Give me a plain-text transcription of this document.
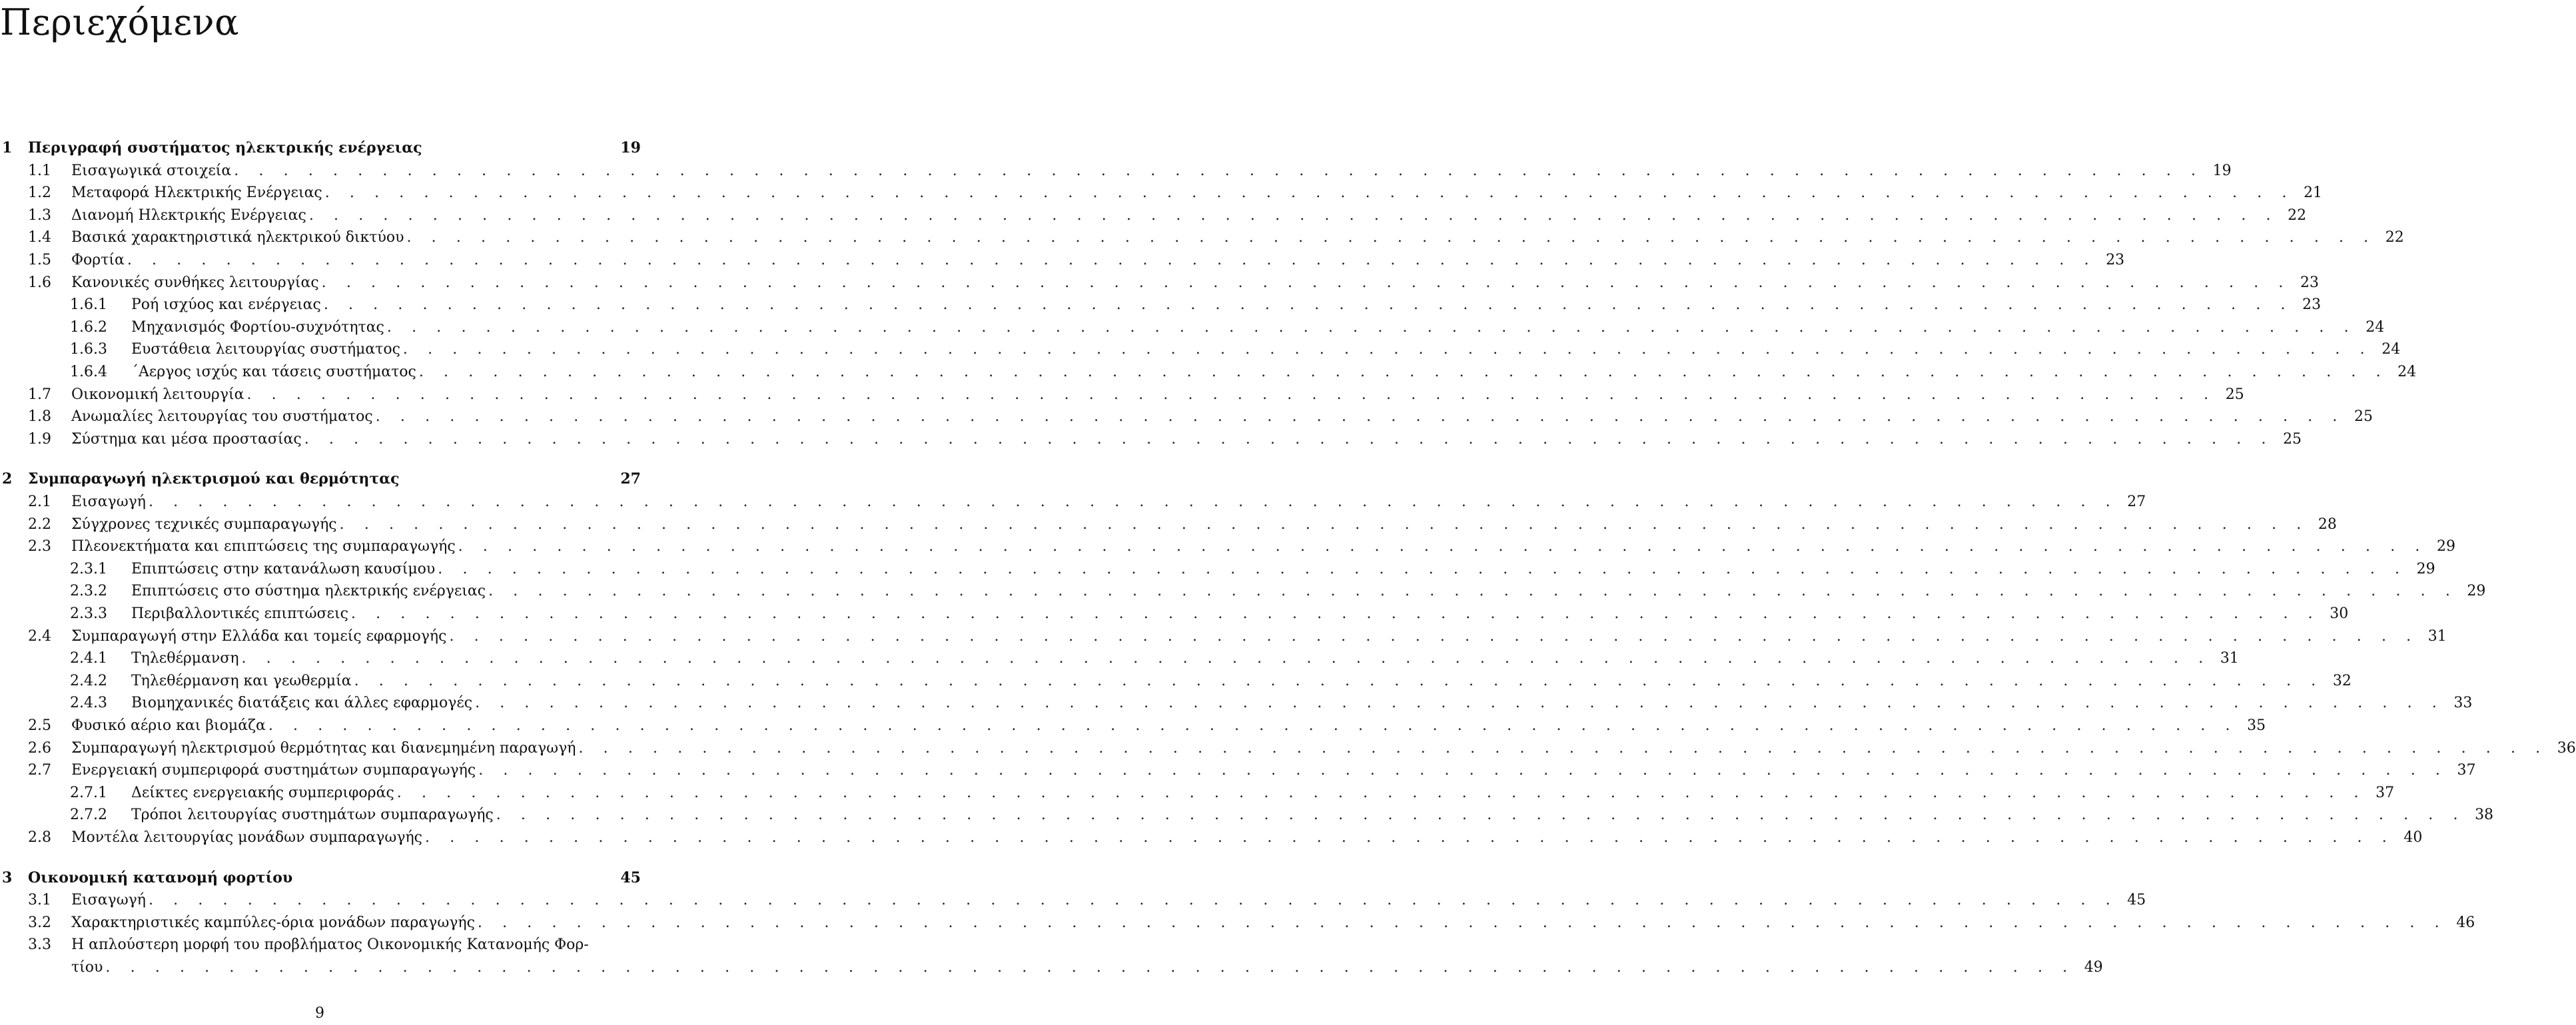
Περιεχόμενα
1 Περιγραφή συστήματος ηλεκτρικής ενέργειας	19
1.1 Εισαγωγικά στοιχεία . . . . . . . . . . . . . . . . . . . . . . . . . . . . . . . . . . . . . . . . . . . . . . . . . . . . . . . . . . . . . . . . . . . . . . . . . . . . . . . . 19
1.2 Μεταφορά Ηλεκτρικής Ενέργειας . . . . . . . . . . . . . . . . . . . . . . . . . . . . . . . . . . . . . . . . . . . . . . . . . . . . . . . . . . . . . . . . . . . . . . . . . . . . . . . . 21
1.3 Διανομή Ηλεκτρικής Ενέργειας . . . . . . . . . . . . . . . . . . . . . . . . . . . . . . . . . . . . . . . . . . . . . . . . . . . . . . . . . . . . . . . . . . . . . . . . . . . . . . . . 22
1.4 Βασικά χαρακτηριστικά ηλεκτρικού δικτύου . . . . . . . . . . . . . . . . . . . . . . . . . . . . . . . . . . . . . . . . . . . . . . . . . . . . . . . . . . . . . . . . . . . . . . . . . . . . . . . . 22
1.5 Φορτία . . . . . . . . . . . . . . . . . . . . . . . . . . . . . . . . . . . . . . . . . . . . . . . . . . . . . . . . . . . . . . . . . . . . . . . . . . . . . . . . 23
1.6 Κανονικές συνθήκες λειτουργίας . . . . . . . . . . . . . . . . . . . . . . . . . . . . . . . . . . . . . . . . . . . . . . . . . . . . . . . . . . . . . . . . . . . . . . . . . . . . . . . . 23
1.6.1 Ροή ισχύος και ενέργειας . . . . . . . . . . . . . . . . . . . . . . . . . . . . . . . . . . . . . . . . . . . . . . . . . . . . . . . . . . . . . . . . . . . . . . . . . . . . . . . . 23
1.6.2 Μηχανισμός Φορτίου-συχνότητας . . . . . . . . . . . . . . . . . . . . . . . . . . . . . . . . . . . . . . . . . . . . . . . . . . . . . . . . . . . . . . . . . . . . . . . . . . . . . . . . 24
1.6.3 Ευστάθεια λειτουργίας συστήματος . . . . . . . . . . . . . . . . . . . . . . . . . . . . . . . . . . . . . . . . . . . . . . . . . . . . . . . . . . . . . . . . . . . . . . . . . . . . . . . . 24
1.6.4 ΄Αεργος ισχύς και τάσεις συστήματος . . . . . . . . . . . . . . . . . . . . . . . . . . . . . . . . . . . . . . . . . . . . . . . . . . . . . . . . . . . . . . . . . . . . . . . . . . . . . . . . 24
1.7 Οικονομική λειτουργία . . . . . . . . . . . . . . . . . . . . . . . . . . . . . . . . . . . . . . . . . . . . . . . . . . . . . . . . . . . . . . . . . . . . . . . . . . . . . . . . 25
1.8 Ανωμαλίες λειτουργίας του συστήματος . . . . . . . . . . . . . . . . . . . . . . . . . . . . . . . . . . . . . . . . . . . . . . . . . . . . . . . . . . . . . . . . . . . . . . . . . . . . . . . . 25
1.9 Σύστημα και μέσα προστασίας . . . . . . . . . . . . . . . . . . . . . . . . . . . . . . . . . . . . . . . . . . . . . . . . . . . . . . . . . . . . . . . . . . . . . . . . . . . . . . . . 25
2 Συμπαραγωγή ηλεκτρισμού και θερμότητας	27
2.1 Εισαγωγή . . . . . . . . . . . . . . . . . . . . . . . . . . . . . . . . . . . . . . . . . . . . . . . . . . . . . . . . . . . . . . . . . . . . . . . . . . . . . . . . 27
2.2 Σύγχρονες τεχνικές συμπαραγωγής . . . . . . . . . . . . . . . . . . . . . . . . . . . . . . . . . . . . . . . . . . . . . . . . . . . . . . . . . . . . . . . . . . . . . . . . . . . . . . . . 28
2.3 Πλεονεκτήματα και επιπτώσεις της συμπαραγωγής . . . . . . . . . . . . . . . . . . . . . . . . . . . . . . . . . . . . . . . . . . . . . . . . . . . . . . . . . . . . . . . . . . . . . . . . . . . . . . . . 29
2.3.1 Επιπτώσεις στην κατανάλωση καυσίμου . . . . . . . . . . . . . . . . . . . . . . . . . . . . . . . . . . . . . . . . . . . . . . . . . . . . . . . . . . . . . . . . . . . . . . . . . . . . . . . . 29
2.3.2 Επιπτώσεις στο σύστημα ηλεκτρικής ενέργειας . . . . . . . . . . . . . . . . . . . . . . . . . . . . . . . . . . . . . . . . . . . . . . . . . . . . . . . . . . . . . . . . . . . . . . . . . . . . . . . . 29
2.3.3 Περιβαλλοντικές επιπτώσεις . . . . . . . . . . . . . . . . . . . . . . . . . . . . . . . . . . . . . . . . . . . . . . . . . . . . . . . . . . . . . . . . . . . . . . . . . . . . . . . . 30
2.4 Συμπαραγωγή στην Ελλάδα και τομείς εφαρμογής . . . . . . . . . . . . . . . . . . . . . . . . . . . . . . . . . . . . . . . . . . . . . . . . . . . . . . . . . . . . . . . . . . . . . . . . . . . . . . . . 31
2.4.1 Τηλεθέρμανση . . . . . . . . . . . . . . . . . . . . . . . . . . . . . . . . . . . . . . . . . . . . . . . . . . . . . . . . . . . . . . . . . . . . . . . . . . . . . . . . 31
2.4.2 Τηλεθέρμανση και γεωθερμία . . . . . . . . . . . . . . . . . . . . . . . . . . . . . . . . . . . . . . . . . . . . . . . . . . . . . . . . . . . . . . . . . . . . . . . . . . . . . . . . 32
2.4.3 Βιομηχανικές διατάξεις και άλλες εφαρμογές . . . . . . . . . . . . . . . . . . . . . . . . . . . . . . . . . . . . . . . . . . . . . . . . . . . . . . . . . . . . . . . . . . . . . . . . . . . . . . . . 33
2.5 Φυσικό αέριο και βιομάζα . . . . . . . . . . . . . . . . . . . . . . . . . . . . . . . . . . . . . . . . . . . . . . . . . . . . . . . . . . . . . . . . . . . . . . . . . . . . . . . . 35
2.6 Συμπαραγωγή ηλεκτρισμού θερμότητας και διανεμημένη παραγωγή . . . . . . . . . . . . . . . . . . . . . . . . . . . . . . . . . . . . . . . . . . . . . . . . . . . . . . . . . . . . . . . . . . . . . . . . . . . . . . . . 36
2.7 Ενεργειακή συμπεριφορά συστημάτων συμπαραγωγής . . . . . . . . . . . . . . . . . . . . . . . . . . . . . . . . . . . . . . . . . . . . . . . . . . . . . . . . . . . . . . . . . . . . . . . . . . . . . . . . 37
2.7.1 Δείκτες ενεργειακής συμπεριφοράς . . . . . . . . . . . . . . . . . . . . . . . . . . . . . . . . . . . . . . . . . . . . . . . . . . . . . . . . . . . . . . . . . . . . . . . . . . . . . . . . 37
2.7.2 Τρόποι λειτουργίας συστημάτων συμπαραγωγής . . . . . . . . . . . . . . . . . . . . . . . . . . . . . . . . . . . . . . . . . . . . . . . . . . . . . . . . . . . . . . . . . . . . . . . . . . . . . . . . 38
2.8 Μοντέλα λειτουργίας μονάδων συμπαραγωγής . . . . . . . . . . . . . . . . . . . . . . . . . . . . . . . . . . . . . . . . . . . . . . . . . . . . . . . . . . . . . . . . . . . . . . . . . . . . . . . . 40
3 Οικονομική κατανομή φορτίου	45
3.1 Εισαγωγή . . . . . . . . . . . . . . . . . . . . . . . . . . . . . . . . . . . . . . . . . . . . . . . . . . . . . . . . . . . . . . . . . . . . . . . . . . . . . . . . 45
3.2 Χαρακτηριστικές καμπύλες-όρια μονάδων παραγωγής . . . . . . . . . . . . . . . . . . . . . . . . . . . . . . . . . . . . . . . . . . . . . . . . . . . . . . . . . . . . . . . . . . . . . . . . . . . . . . . . 46
3.3 Η απλούστερη μορφή του προβλήματος Οικονομικής Κατανομής Φορ-
τίου . . . . . . . . . . . . . . . . . . . . . . . . . . . . . . . . . . . . . . . . . . . . . . . . . . . . . . . . . . . . . . . . . . . . . . . . . . . . . . . . 49
9
